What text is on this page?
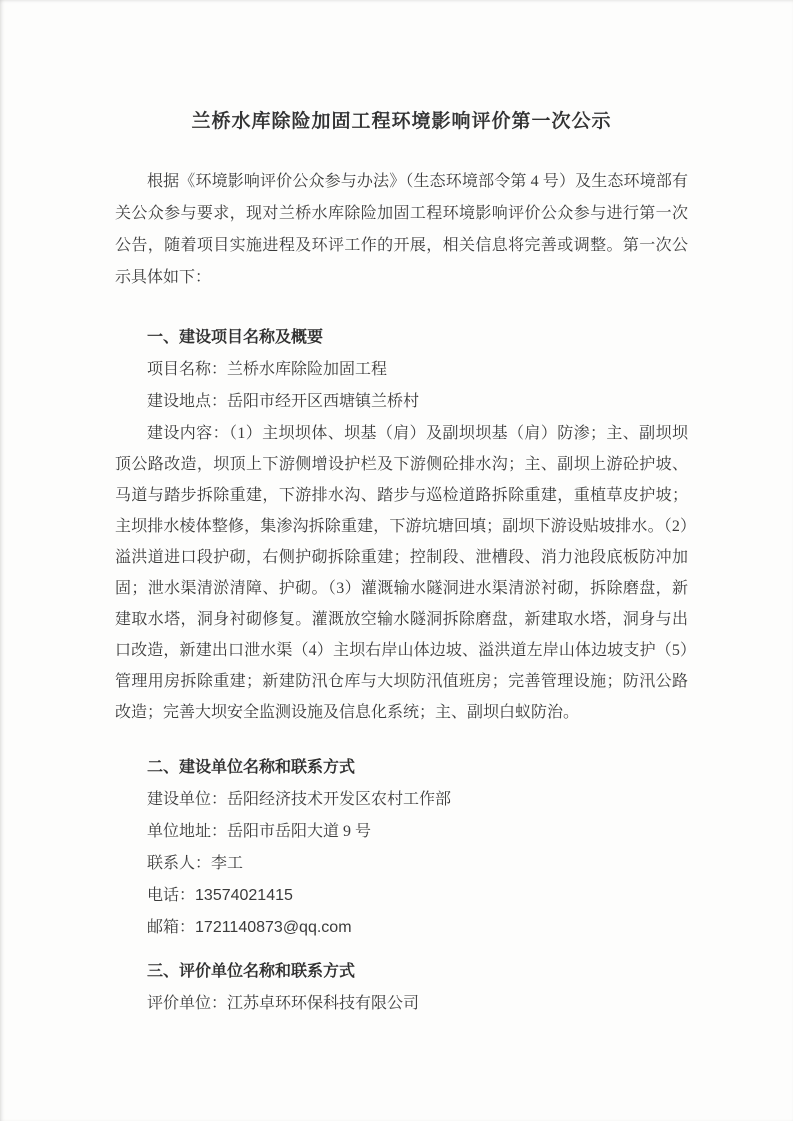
兰桥水库除险加固工程环境影响评价第一次公示

根据《环境影响评价公众参与办法》（生态环境部令第 4 号）及生态环境部有关公众参与要求，现对兰桥水库除险加固工程环境影响评价公众参与进行第一次公告，随着项目实施进程及环评工作的开展，相关信息将完善或调整。第一次公示具体如下：

一、建设项目名称及概要

项目名称：兰桥水库除险加固工程

建设地点：岳阳市经开区西塘镇兰桥村

建设内容：（1）主坝坝体、坝基（肩）及副坝坝基（肩）防渗；主、副坝坝顶公路改造，坝顶上下游侧增设护栏及下游侧砼排水沟；主、副坝上游砼护坡、马道与踏步拆除重建，下游排水沟、踏步与巡检道路拆除重建，重植草皮护坡；主坝排水棱体整修，集渗沟拆除重建，下游坑塘回填；副坝下游设贴坡排水。（2）溢洪道进口段护砌，右侧护砌拆除重建；控制段、泄槽段、消力池段底板防冲加固；泄水渠清淤清障、护砌。（3）灌溉输水隧洞进水渠清淤衬砌，拆除磨盘，新建取水塔，洞身衬砌修复。灌溉放空输水隧洞拆除磨盘，新建取水塔，洞身与出口改造，新建出口泄水渠（4）主坝右岸山体边坡、溢洪道左岸山体边坡支护（5）管理用房拆除重建；新建防汛仓库与大坝防汛值班房；完善管理设施；防汛公路改造；完善大坝安全监测设施及信息化系统；主、副坝白蚁防治。

二、建设单位名称和联系方式

建设单位：岳阳经济技术开发区农村工作部

单位地址：岳阳市岳阳大道 9 号

联系人：李工

电话：13574021415

邮箱：1721140873@qq.com

三、评价单位名称和联系方式

评价单位：江苏卓环环保科技有限公司
